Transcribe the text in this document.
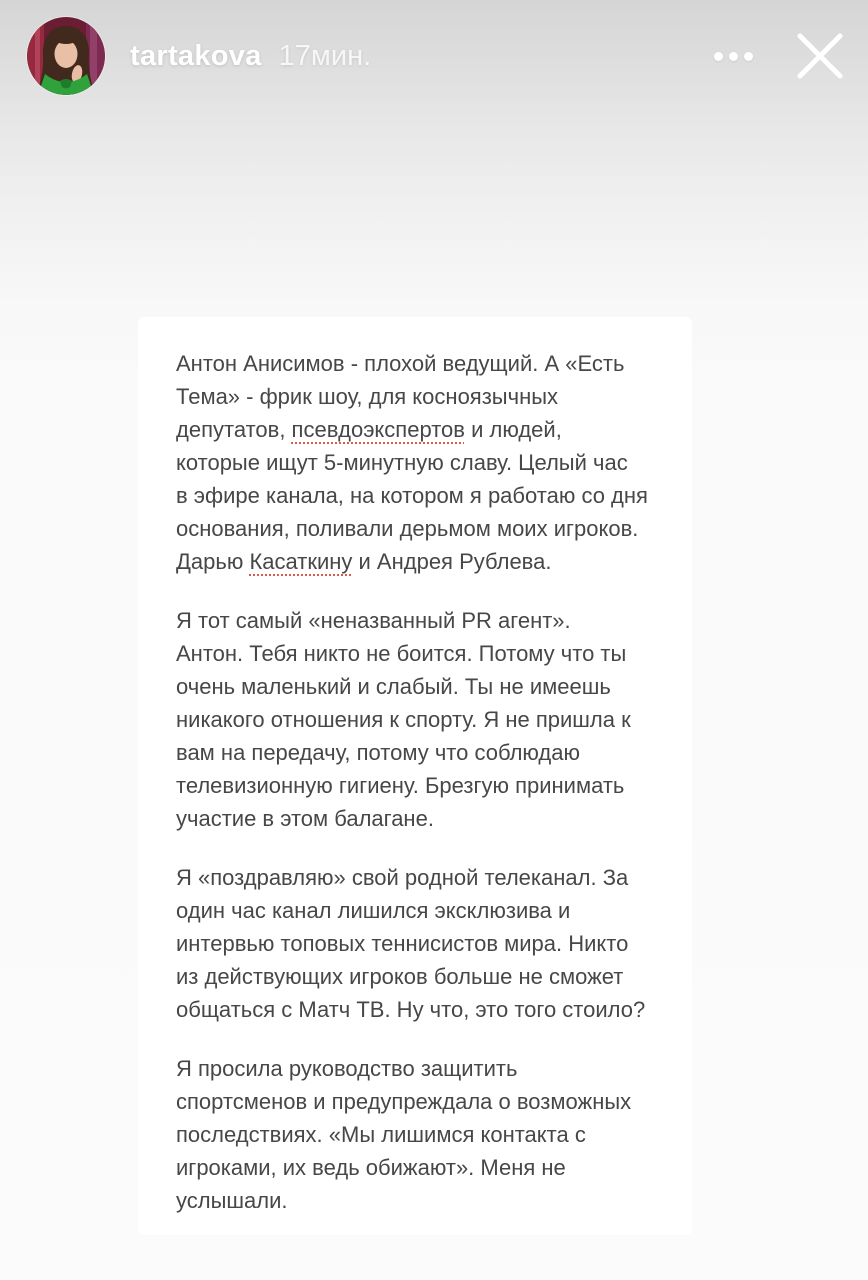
tartakova 17мин.
Антон Анисимов - плохой ведущий. А «Есть
Тема» - фрик шоу, для косноязычных
депутатов, псевдоэкспертов и людей,
которые ищут 5-минутную славу. Целый час
в эфире канала, на котором я работаю со дня
основания, поливали дерьмом моих игроков.
Дарью Касаткину и Андрея Рублева.
Я тот самый «неназванный PR агент».
Антон. Тебя никто не боится. Потому что ты
очень маленький и слабый. Ты не имеешь
никакого отношения к спорту. Я не пришла к
вам на передачу, потому что соблюдаю
телевизионную гигиену. Брезгую принимать
участие в этом балагане.
Я «поздравляю» свой родной телеканал. За
один час канал лишился эксклюзива и
интервью топовых теннисистов мира. Никто
из действующих игроков больше не сможет
общаться с Матч ТВ. Ну что, это того стоило?
Я просила руководство защитить
спортсменов и предупреждала о возможных
последствиях. «Мы лишимся контакта с
игроками, их ведь обижают». Меня не
услышали.
